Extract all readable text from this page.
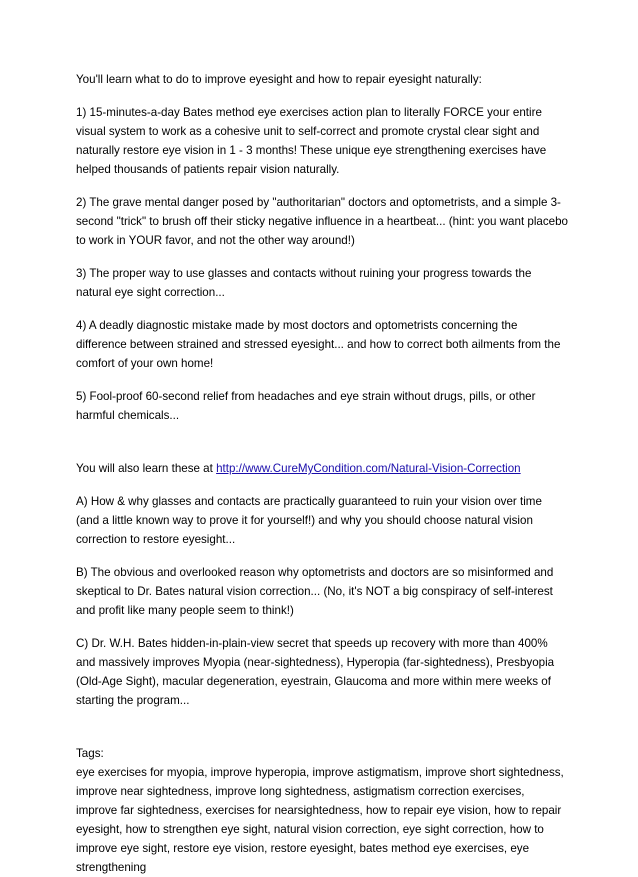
You'll learn what to do to improve eyesight and how to repair eyesight naturally:

1) 15-minutes-a-day Bates method eye exercises action plan to literally FORCE your entire visual system to work as a cohesive unit to self-correct and promote crystal clear sight and naturally restore eye vision in 1 - 3 months! These unique eye strengthening exercises have helped thousands of patients repair vision naturally.

2) The grave mental danger posed by "authoritarian" doctors and optometrists, and a simple 3-second "trick" to brush off their sticky negative influence in a heartbeat... (hint: you want placebo to work in YOUR favor, and not the other way around!)

3) The proper way to use glasses and contacts without ruining your progress towards the natural eye sight correction...

4) A deadly diagnostic mistake made by most doctors and optometrists concerning the difference between strained and stressed eyesight... and how to correct both ailments from the comfort of your own home!

5) Fool-proof 60-second relief from headaches and eye strain without drugs, pills, or other harmful chemicals...

You will also learn these at http://www.CureMyCondition.com/Natural-Vision-Correction

A) How & why glasses and contacts are practically guaranteed to ruin your vision over time (and a little known way to prove it for yourself!) and why you should choose natural vision correction to restore eyesight...

B) The obvious and overlooked reason why optometrists and doctors are so misinformed and skeptical to Dr. Bates natural vision correction... (No, it's NOT a big conspiracy of self-interest and profit like many people seem to think!)

C) Dr. W.H. Bates hidden-in-plain-view secret that speeds up recovery with more than 400% and massively improves Myopia (near-sightedness), Hyperopia (far-sightedness), Presbyopia (Old-Age Sight), macular degeneration, eyestrain, Glaucoma and more within mere weeks of starting the program...

Tags:
eye exercises for myopia, improve hyperopia, improve astigmatism, improve short sightedness, improve near sightedness, improve long sightedness, astigmatism correction exercises, improve far sightedness, exercises for nearsightedness, how to repair eye vision, how to repair eyesight, how to strengthen eye sight, natural vision correction, eye sight correction, how to improve eye sight, restore eye vision, restore eyesight, bates method eye exercises, eye strengthening
